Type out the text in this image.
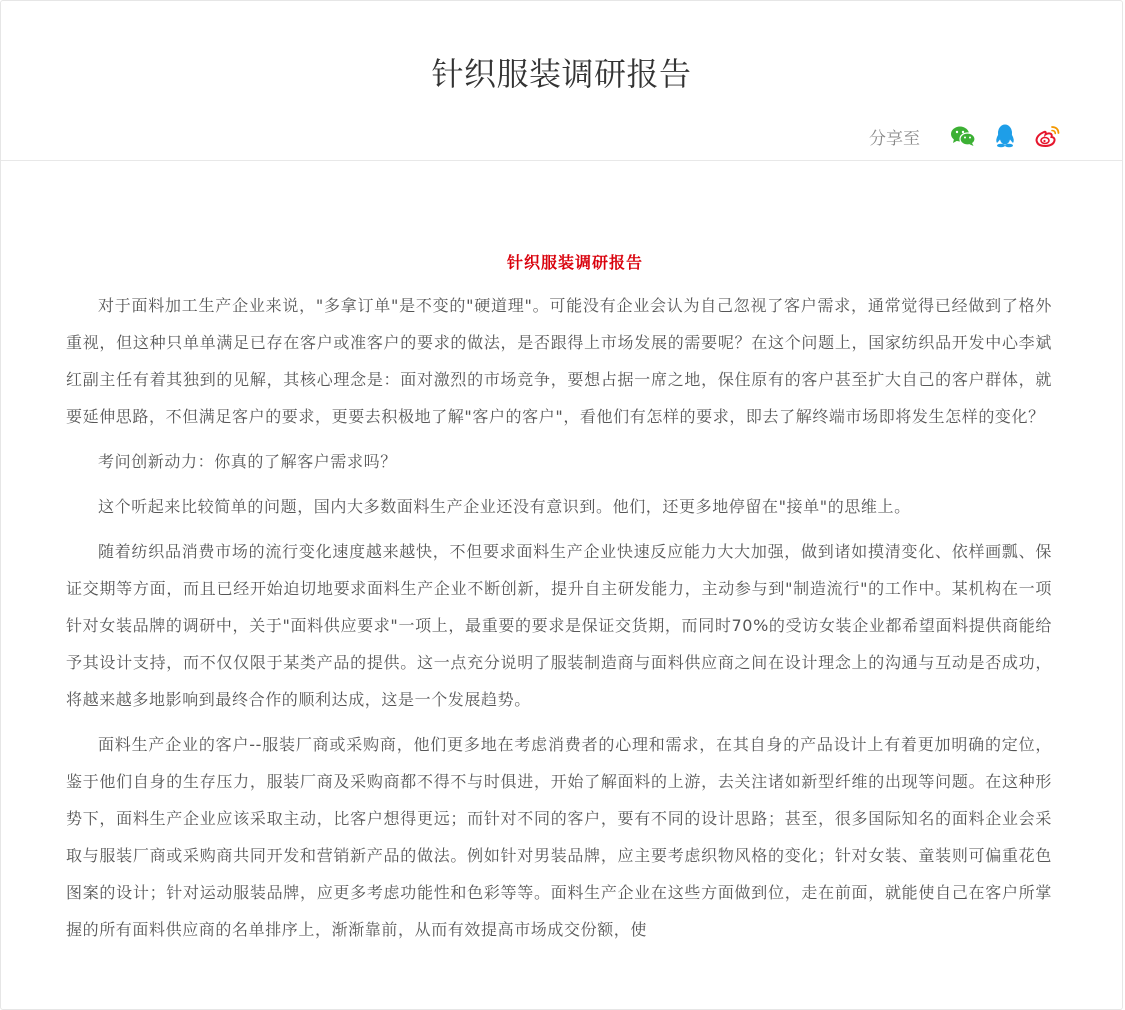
针织服装调研报告
分享至
针织服装调研报告

对于面料加工生产企业来说，"多拿订单"是不变的"硬道理"。可能没有企业会认为自己忽视了客户需求，通常觉得已经做到了格外重视，但这种只单单满足已存在客户或准客户的要求的做法，是否跟得上市场发展的需要呢？在这个问题上，国家纺织品开发中心李斌红副主任有着其独到的见解，其核心理念是：面对激烈的市场竞争，要想占据一席之地，保住原有的客户甚至扩大自己的客户群体，就要延伸思路，不但满足客户的要求，更要去积极地了解"客户的客户"，看他们有怎样的要求，即去了解终端市场即将发生怎样的变化？

考问创新动力：你真的了解客户需求吗？

这个听起来比较简单的问题，国内大多数面料生产企业还没有意识到。他们，还更多地停留在"接单"的思维上。

随着纺织品消费市场的流行变化速度越来越快，不但要求面料生产企业快速反应能力大大加强，做到诸如摸清变化、依样画瓢、保证交期等方面，而且已经开始迫切地要求面料生产企业不断创新，提升自主研发能力，主动参与到"制造流行"的工作中。某机构在一项针对女装品牌的调研中，关于"面料供应要求"一项上，最重要的要求是保证交货期，而同时70%的受访女装企业都希望面料提供商能给予其设计支持，而不仅仅限于某类产品的提供。这一点充分说明了服装制造商与面料供应商之间在设计理念上的沟通与互动是否成功，将越来越多地影响到最终合作的顺利达成，这是一个发展趋势。

面料生产企业的客户--服装厂商或采购商，他们更多地在考虑消费者的心理和需求，在其自身的产品设计上有着更加明确的定位，鉴于他们自身的生存压力，服装厂商及采购商都不得不与时俱进，开始了解面料的上游，去关注诸如新型纤维的出现等问题。在这种形势下，面料生产企业应该采取主动，比客户想得更远；而针对不同的客户，要有不同的设计思路；甚至，很多国际知名的面料企业会采取与服装厂商或采购商共同开发和营销新产品的做法。例如针对男装品牌，应主要考虑织物风格的变化；针对女装、童装则可偏重花色图案的设计；针对运动服装品牌，应更多考虑功能性和色彩等等。面料生产企业在这些方面做到位，走在前面，就能使自己在客户所掌握的所有面料供应商的名单排序上，渐渐靠前，从而有效提高市场成交份额，使
